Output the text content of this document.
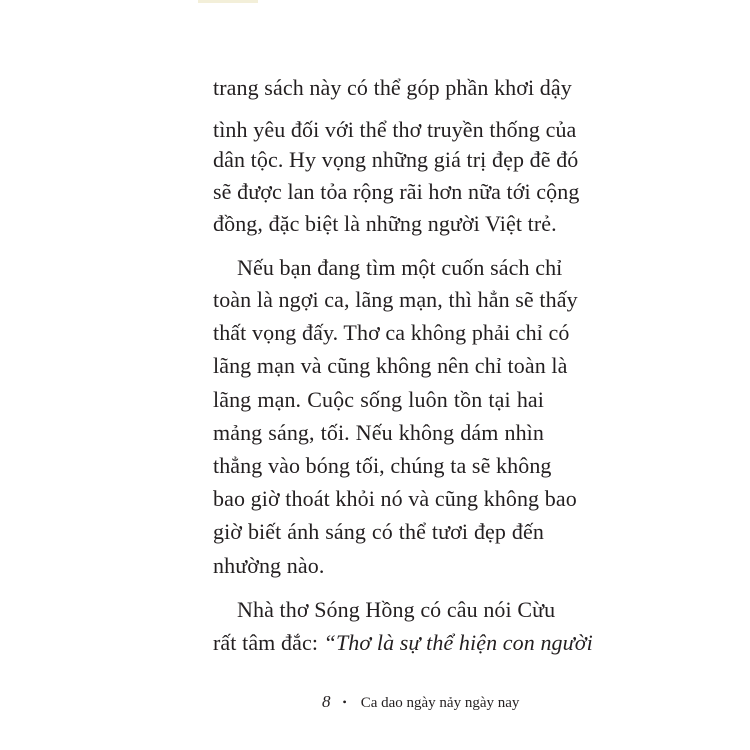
trang sách này có thể góp phần khơi dậy
tình yêu đối với thể thơ truyền thống của
dân tộc. Hy vọng những giá trị đẹp đẽ đó
sẽ được lan tỏa rộng rãi hơn nữa tới cộng
đồng, đặc biệt là những người Việt trẻ.
Nếu bạn đang tìm một cuốn sách chỉ
toàn là ngợi ca, lãng mạn, thì hẳn sẽ thấy
thất vọng đấy. Thơ ca không phải chỉ có
lãng mạn và cũng không nên chỉ toàn là
lãng mạn. Cuộc sống luôn tồn tại hai
mảng sáng, tối. Nếu không dám nhìn
thẳng vào bóng tối, chúng ta sẽ không
bao giờ thoát khỏi nó và cũng không bao
giờ biết ánh sáng có thể tươi đẹp đến
nhường nào.
Nhà thơ Sóng Hồng có câu nói Cừu
rất tâm đắc: “Thơ là sự thể hiện con người
8 • Ca dao ngày nảy ngày nay
